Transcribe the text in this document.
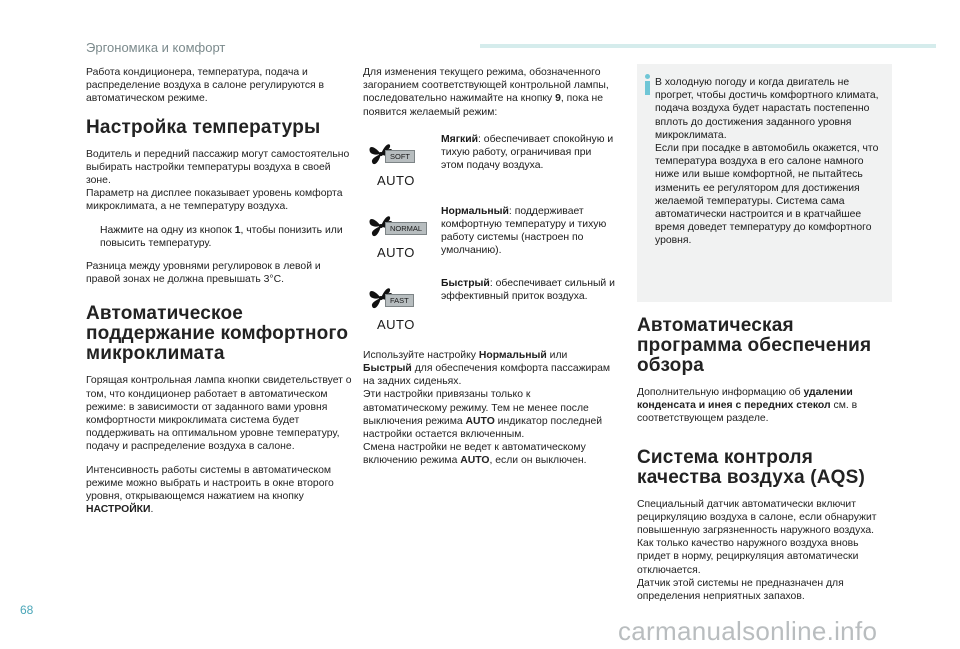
Эргономика и комфорт

Работа кондиционера, температура, подача и распределение воздуха в салоне регулируются в автоматическом режиме.

Настройка температуры

Водитель и передний пассажир могут самостоятельно выбирать настройки температуры воздуха в своей зоне.

Параметр на дисплее показывает уровень комфорта микроклимата, а не температуру воздуха.

Нажмите на одну из кнопок 1, чтобы понизить или повысить температуру.

Разница между уровнями регулировок в левой и правой зонах не должна превышать 3°C.

Автоматическое
поддержание комфортного
микроклимата

Горящая контрольная лампа кнопки свидетельствует о том, что кондиционер работает в автоматическом режиме: в зависимости от заданного вами уровня комфортности микроклимата система будет поддерживать на оптимальном уровне температуру, подачу и распределение воздуха в салоне.

Интенсивность работы системы в автоматическом режиме можно выбрать и настроить в окне второго уровня, открывающемся нажатием на кнопку НАСТРОЙКИ.

Для изменения текущего режима, обозначенного загоранием соответствующей контрольной лампы, последовательно нажимайте на кнопку 9, пока не появится желаемый режим:

SOFT
AUTO
Мягкий: обеспечивает спокойную и тихую работу, ограничивая при этом подачу воздуха.
NORMAL
AUTO
Нормальный: поддерживает комфортную температуру и тихую работу системы (настроен по умолчанию).
FAST
AUTO
Быстрый: обеспечивает сильный и эффективный приток воздуха.

Используйте настройку Нормальный или Быстрый для обеспечения комфорта пассажирам на задних сиденьях.

Эти настройки привязаны только к автоматическому режиму. Тем не менее после выключения режима AUTO индикатор последней настройки остается включенным.

Смена настройки не ведет к автоматическому включению режима AUTO, если он выключен.

В холодную погоду и когда двигатель не прогрет, чтобы достичь комфортного климата, подача воздуха будет нарастать постепенно вплоть до достижения заданного уровня микроклимата.

Если при посадке в автомобиль окажется, что температура воздуха в его салоне намного ниже или выше комфортной, не пытайтесь изменить ее регулятором для достижения желаемой температуры. Система сама автоматически настроится и в кратчайшее время доведет температуру до комфортного уровня.

Автоматическая
программа обеспечения
обзора

Дополнительную информацию об удалении конденсата и инея с передних стекол см. в соответствующем разделе.

Система контроля
качества воздуха (AQS)

Специальный датчик автоматически включит рециркуляцию воздуха в салоне, если обнаружит повышенную загрязненность наружного воздуха.

Как только качество наружного воздуха вновь придет в норму, рециркуляция автоматически отключается.

Датчик этой системы не предназначен для определения неприятных запахов.

68
carmanualsonline.info
